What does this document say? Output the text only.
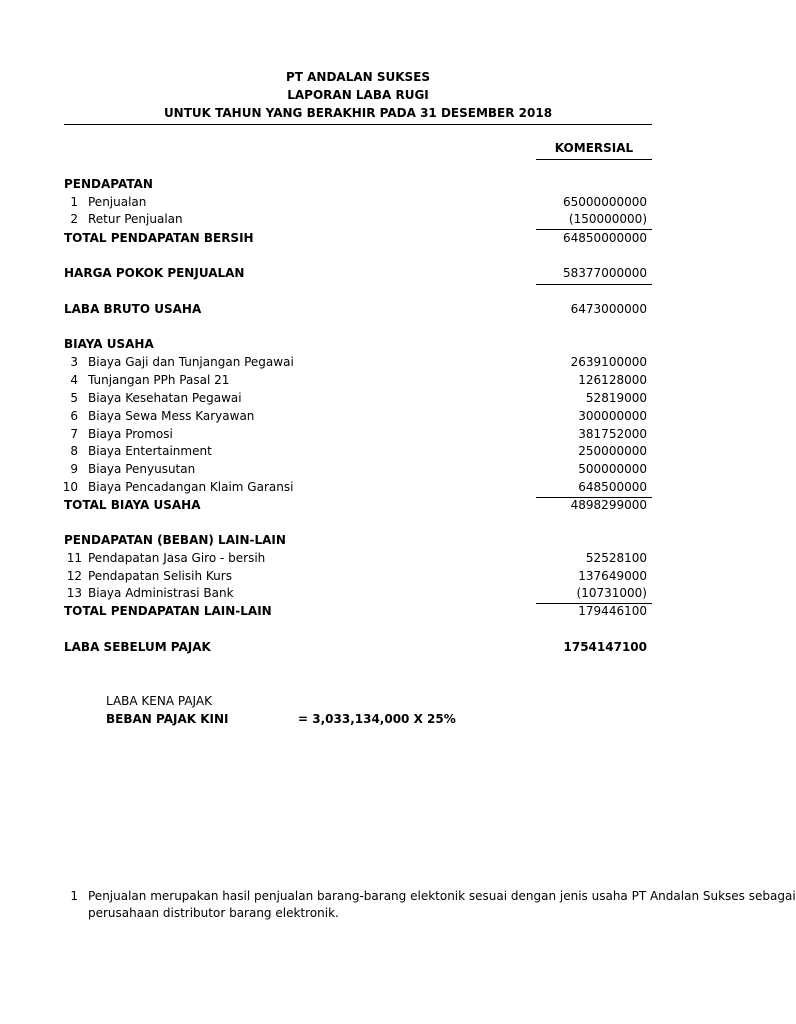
PT ANDALAN SUKSES
LAPORAN LABA RUGI
UNTUK TAHUN YANG BERAKHIR PADA 31 DESEMBER 2018
KOMERSIAL
PENDAPATAN
1 Penjualan	65000000000
2 Retur Penjualan	(150000000)
TOTAL PENDAPATAN BERSIH	64850000000
HARGA POKOK PENJUALAN	58377000000
LABA BRUTO USAHA	6473000000
BIAYA USAHA
3 Biaya Gaji dan Tunjangan Pegawai	2639100000
4 Tunjangan PPh Pasal 21	126128000
5 Biaya Kesehatan Pegawai	52819000
6 Biaya Sewa Mess Karyawan	300000000
7 Biaya Promosi	381752000
8 Biaya Entertainment	250000000
9 Biaya Penyusutan	500000000
10 Biaya Pencadangan Klaim Garansi	648500000
TOTAL BIAYA USAHA	4898299000
PENDAPATAN (BEBAN) LAIN-LAIN
11 Pendapatan Jasa Giro - bersih	52528100
12 Pendapatan Selisih Kurs	137649000
13 Biaya Administrasi Bank	(10731000)
TOTAL PENDAPATAN LAIN-LAIN	179446100
LABA SEBELUM PAJAK	1754147100
LABA KENA PAJAK
BEBAN PAJAK KINI	= 3,033,134,000 X 25%
1 Penjualan merupakan hasil penjualan barang-barang elektonik sesuai dengan jenis usaha PT Andalan Sukses sebagai
perusahaan distributor barang elektronik.
